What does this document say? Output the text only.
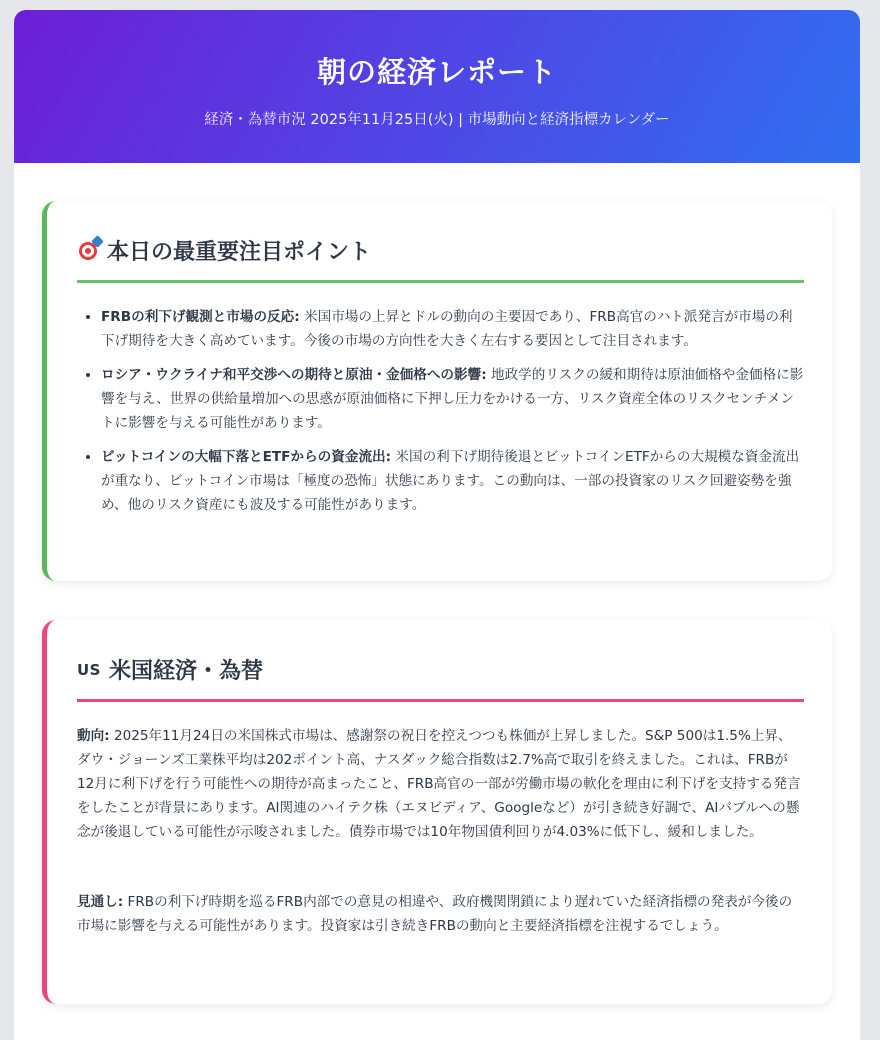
朝の経済レポート
経済・為替市況 2025年11月25日(火) | 市場動向と経済指標カレンダー
本日の最重要注目ポイント
• FRBの利下げ観測と市場の反応: 米国市場の上昇とドルの動向の主要因であり、FRB高官のハト派発言が市場の利下げ期待を大きく高めています。今後の市場の方向性を大きく左右する要因として注目されます。
• ロシア・ウクライナ和平交渉への期待と原油・金価格への影響: 地政学的リスクの緩和期待は原油価格や金価格に影響を与え、世界の供給量増加への思惑が原油価格に下押し圧力をかける一方、リスク資産全体のリスクセンチメントに影響を与える可能性があります。
• ビットコインの大幅下落とETFからの資金流出: 米国の利下げ期待後退とビットコインETFからの大規模な資金流出が重なり、ビットコイン市場は「極度の恐怖」状態にあります。この動向は、一部の投資家のリスク回避姿勢を強め、他のリスク資産にも波及する可能性があります。
US 米国経済・為替

動向: 2025年11月24日の米国株式市場は、感謝祭の祝日を控えつつも株価が上昇しました。S&P 500は1.5%上昇、ダウ・ジョーンズ工業株平均は202ポイント高、ナスダック総合指数は2.7%高で取引を終えました。これは、FRBが12月に利下げを行う可能性への期待が高まったこと、FRB高官の一部が労働市場の軟化を理由に利下げを支持する発言をしたことが背景にあります。AI関連のハイテク株（エヌビディア、Googleなど）が引き続き好調で、AIバブルへの懸念が後退している可能性が示唆されました。債券市場では10年物国債利回りが4.03%に低下し、緩和しました。

見通し: FRBの利下げ時期を巡るFRB内部での意見の相違や、政府機関閉鎖により遅れていた経済指標の発表が今後の市場に影響を与える可能性があります。投資家は引き続きFRBの動向と主要経済指標を注視するでしょう。
